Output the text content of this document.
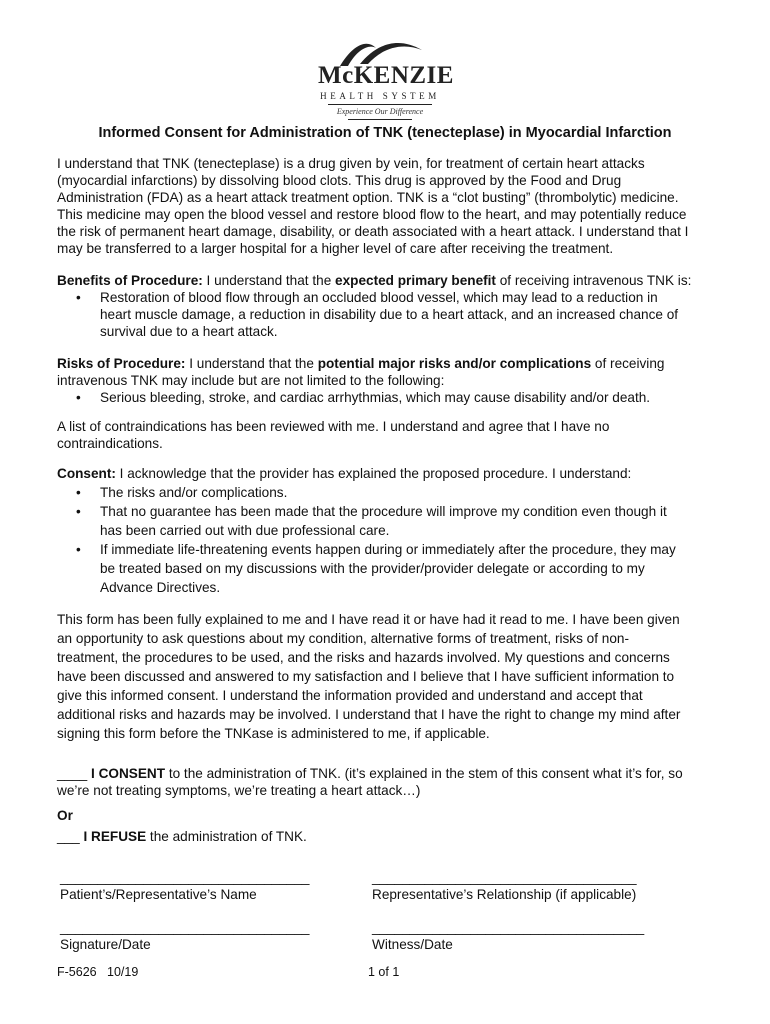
McKENZIE
HEALTH SYSTEM
Experience Our Difference
Informed Consent for Administration of TNK (tenecteplase) in Myocardial Infarction
I understand that TNK (tenecteplase) is a drug given by vein, for treatment of certain heart attacks
(myocardial infarctions) by dissolving blood clots. This drug is approved by the Food and Drug
Administration (FDA) as a heart attack treatment option. TNK is a “clot busting” (thrombolytic) medicine.
This medicine may open the blood vessel and restore blood flow to the heart, and may potentially reduce
the risk of permanent heart damage, disability, or death associated with a heart attack. I understand that I
may be transferred to a larger hospital for a higher level of care after receiving the treatment.
Benefits of Procedure: I understand that the expected primary benefit of receiving intravenous TNK is:
• Restoration of blood flow through an occluded blood vessel, which may lead to a reduction in
heart muscle damage, a reduction in disability due to a heart attack, and an increased chance of
survival due to a heart attack.
Risks of Procedure: I understand that the potential major risks and/or complications of receiving
intravenous TNK may include but are not limited to the following:
• Serious bleeding, stroke, and cardiac arrhythmias, which may cause disability and/or death.
A list of contraindications has been reviewed with me. I understand and agree that I have no
contraindications.
Consent: I acknowledge that the provider has explained the proposed procedure. I understand:
• The risks and/or complications.
• That no guarantee has been made that the procedure will improve my condition even though it
has been carried out with due professional care.
• If immediate life-threatening events happen during or immediately after the procedure, they may
be treated based on my discussions with the provider/provider delegate or according to my
Advance Directives.
This form has been fully explained to me and I have read it or have had it read to me. I have been given
an opportunity to ask questions about my condition, alternative forms of treatment, risks of non-
treatment, the procedures to be used, and the risks and hazards involved. My questions and concerns
have been discussed and answered to my satisfaction and I believe that I have sufficient information to
give this informed consent. I understand the information provided and understand and accept that
additional risks and hazards may be involved. I understand that I have the right to change my mind after
signing this form before the TNKase is administered to me, if applicable.
____ I CONSENT to the administration of TNK. (it’s explained in the stem of this consent what it’s for, so
we’re not treating symptoms, we’re treating a heart attack…)
Or
___ I REFUSE the administration of TNK.
_________________________________	___________________________________
Patient’s/Representative’s Name	Representative’s Relationship (if applicable)
_________________________________	____________________________________
Signature/Date	Witness/Date
F-5626   10/19	1 of 1
